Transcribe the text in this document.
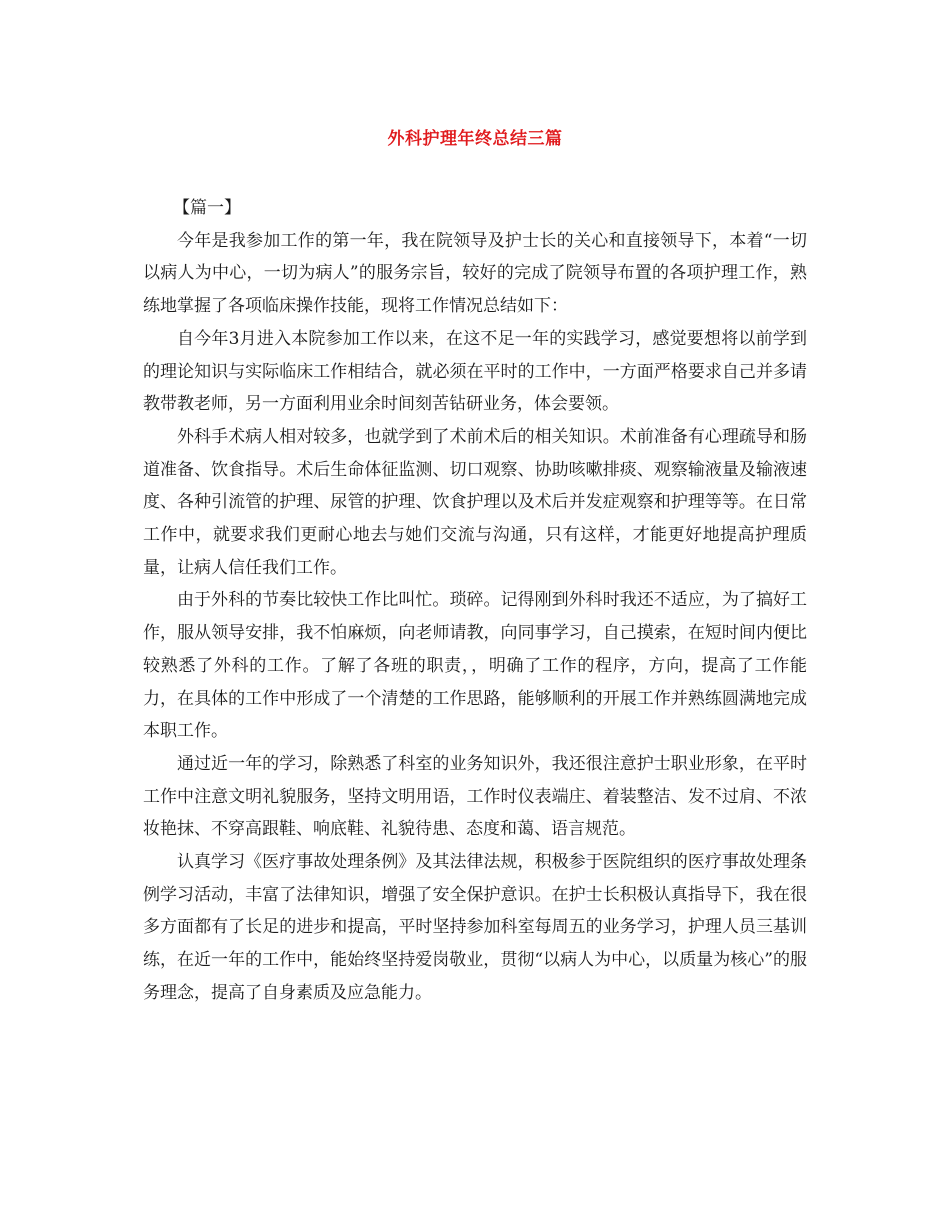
外科护理年终总结三篇

【篇一】

今年是我参加工作的第一年，我在院领导及护士长的关心和直接领导下，本着“一切以病人为中心，一切为病人”的服务宗旨，较好的完成了院领导布置的各项护理工作，熟练地掌握了各项临床操作技能，现将工作情况总结如下：

自今年3月进入本院参加工作以来，在这不足一年的实践学习，感觉要想将以前学到的理论知识与实际临床工作相结合，就必须在平时的工作中，一方面严格要求自己并多请教带教老师，另一方面利用业余时间刻苦钻研业务，体会要领。

外科手术病人相对较多，也就学到了术前术后的相关知识。术前准备有心理疏导和肠道准备、饮食指导。术后生命体征监测、切口观察、协助咳嗽排痰、观察输液量及输液速度、各种引流管的护理、尿管的护理、饮食护理以及术后并发症观察和护理等等。在日常工作中，就要求我们更耐心地去与她们交流与沟通，只有这样，才能更好地提高护理质量，让病人信任我们工作。

由于外科的节奏比较快工作比叫忙。琐碎。记得刚到外科时我还不适应，为了搞好工作，服从领导安排，我不怕麻烦，向老师请教，向同事学习，自己摸索，在短时间内便比较熟悉了外科的工作。了解了各班的职责，，明确了工作的程序，方向，提高了工作能力，在具体的工作中形成了一个清楚的工作思路，能够顺利的开展工作并熟练圆满地完成本职工作。

通过近一年的学习，除熟悉了科室的业务知识外，我还很注意护士职业形象，在平时工作中注意文明礼貌服务，坚持文明用语，工作时仪表端庄、着装整洁、发不过肩、不浓妆艳抹、不穿高跟鞋、响底鞋、礼貌待患、态度和蔼、语言规范。

认真学习《医疗事故处理条例》及其法律法规，积极参于医院组织的医疗事故处理条例学习活动，丰富了法律知识，增强了安全保护意识。在护士长积极认真指导下，我在很多方面都有了长足的进步和提高，平时坚持参加科室每周五的业务学习，护理人员三基训练，在近一年的工作中，能始终坚持爱岗敬业，贯彻“以病人为中心，以质量为核心”的服务理念，提高了自身素质及应急能力。
